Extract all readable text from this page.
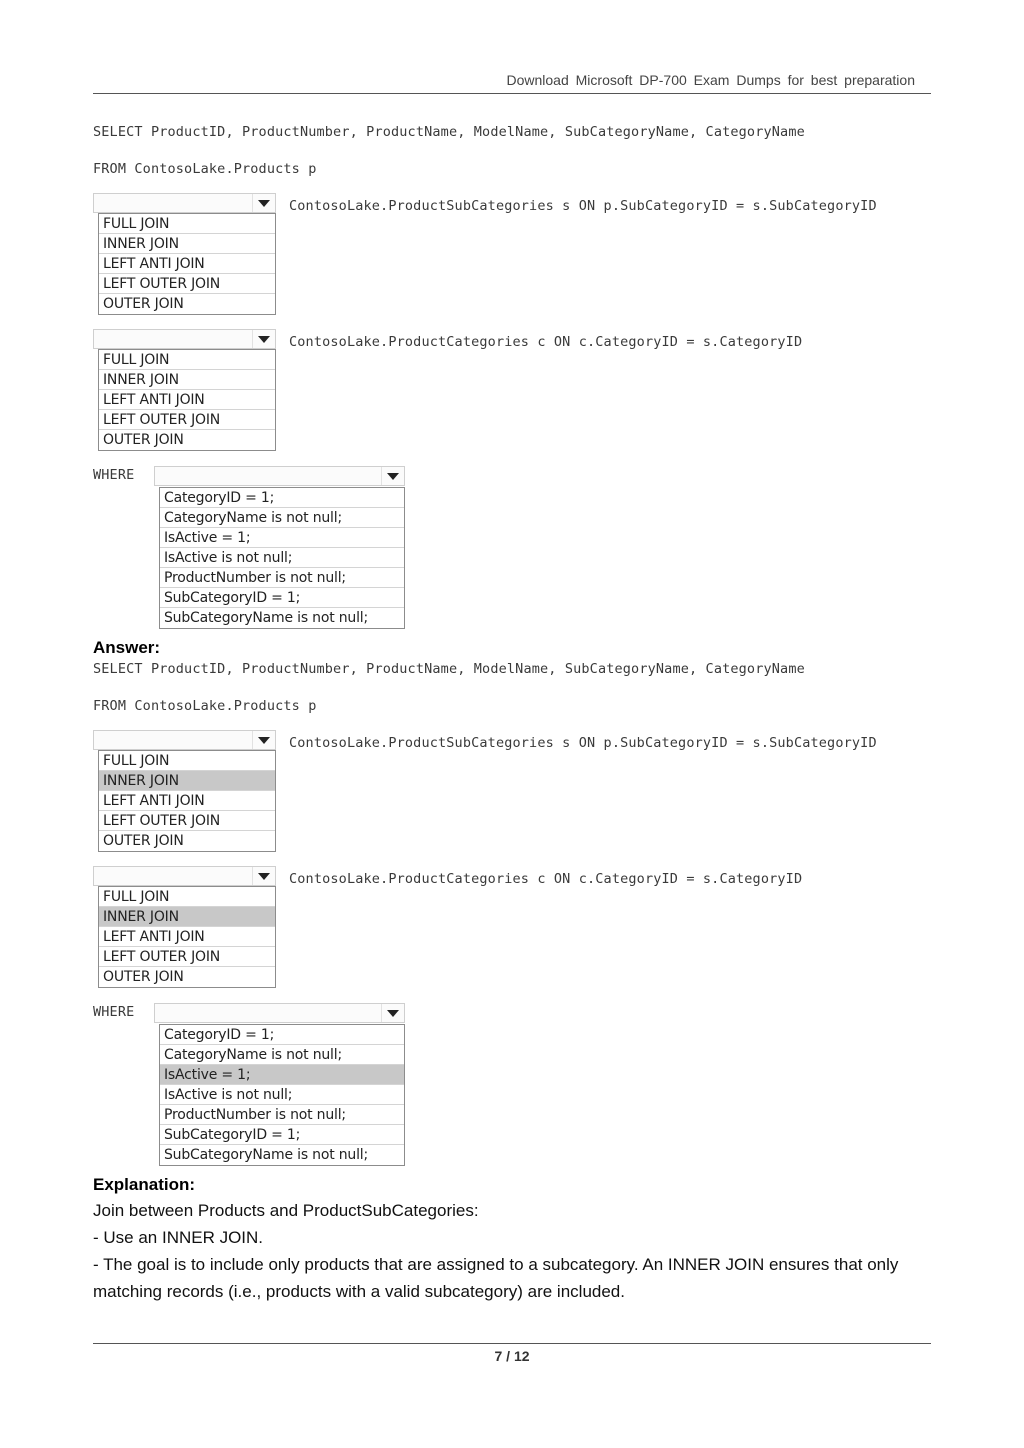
Download Microsoft DP-700 Exam Dumps for best preparation
SELECT ProductID, ProductNumber, ProductName, ModelName, SubCategoryName, CategoryName
FROM ContosoLake.Products p
FULL JOIN
INNER JOIN
LEFT ANTI JOIN
LEFT OUTER JOIN
OUTER JOIN
ContosoLake.ProductSubCategories s ON p.SubCategoryID = s.SubCategoryID
FULL JOIN
INNER JOIN
LEFT ANTI JOIN
LEFT OUTER JOIN
OUTER JOIN
ContosoLake.ProductCategories c ON c.CategoryID = s.CategoryID
WHERE
CategoryID = 1;
CategoryName is not null;
IsActive = 1;
IsActive is not null;
ProductNumber is not null;
SubCategoryID = 1;
SubCategoryName is not null;
Answer:
SELECT ProductID, ProductNumber, ProductName, ModelName, SubCategoryName, CategoryName
FROM ContosoLake.Products p
FULL JOIN
INNER JOIN
LEFT ANTI JOIN
LEFT OUTER JOIN
OUTER JOIN
ContosoLake.ProductSubCategories s ON p.SubCategoryID = s.SubCategoryID
FULL JOIN
INNER JOIN
LEFT ANTI JOIN
LEFT OUTER JOIN
OUTER JOIN
ContosoLake.ProductCategories c ON c.CategoryID = s.CategoryID
WHERE
CategoryID = 1;
CategoryName is not null;
IsActive = 1;
IsActive is not null;
ProductNumber is not null;
SubCategoryID = 1;
SubCategoryName is not null;
Explanation:
Join between Products and ProductSubCategories:
- Use an INNER JOIN.
- The goal is to include only products that are assigned to a subcategory. An INNER JOIN ensures that only matching records (i.e., products with a valid subcategory) are included.
7 / 12
